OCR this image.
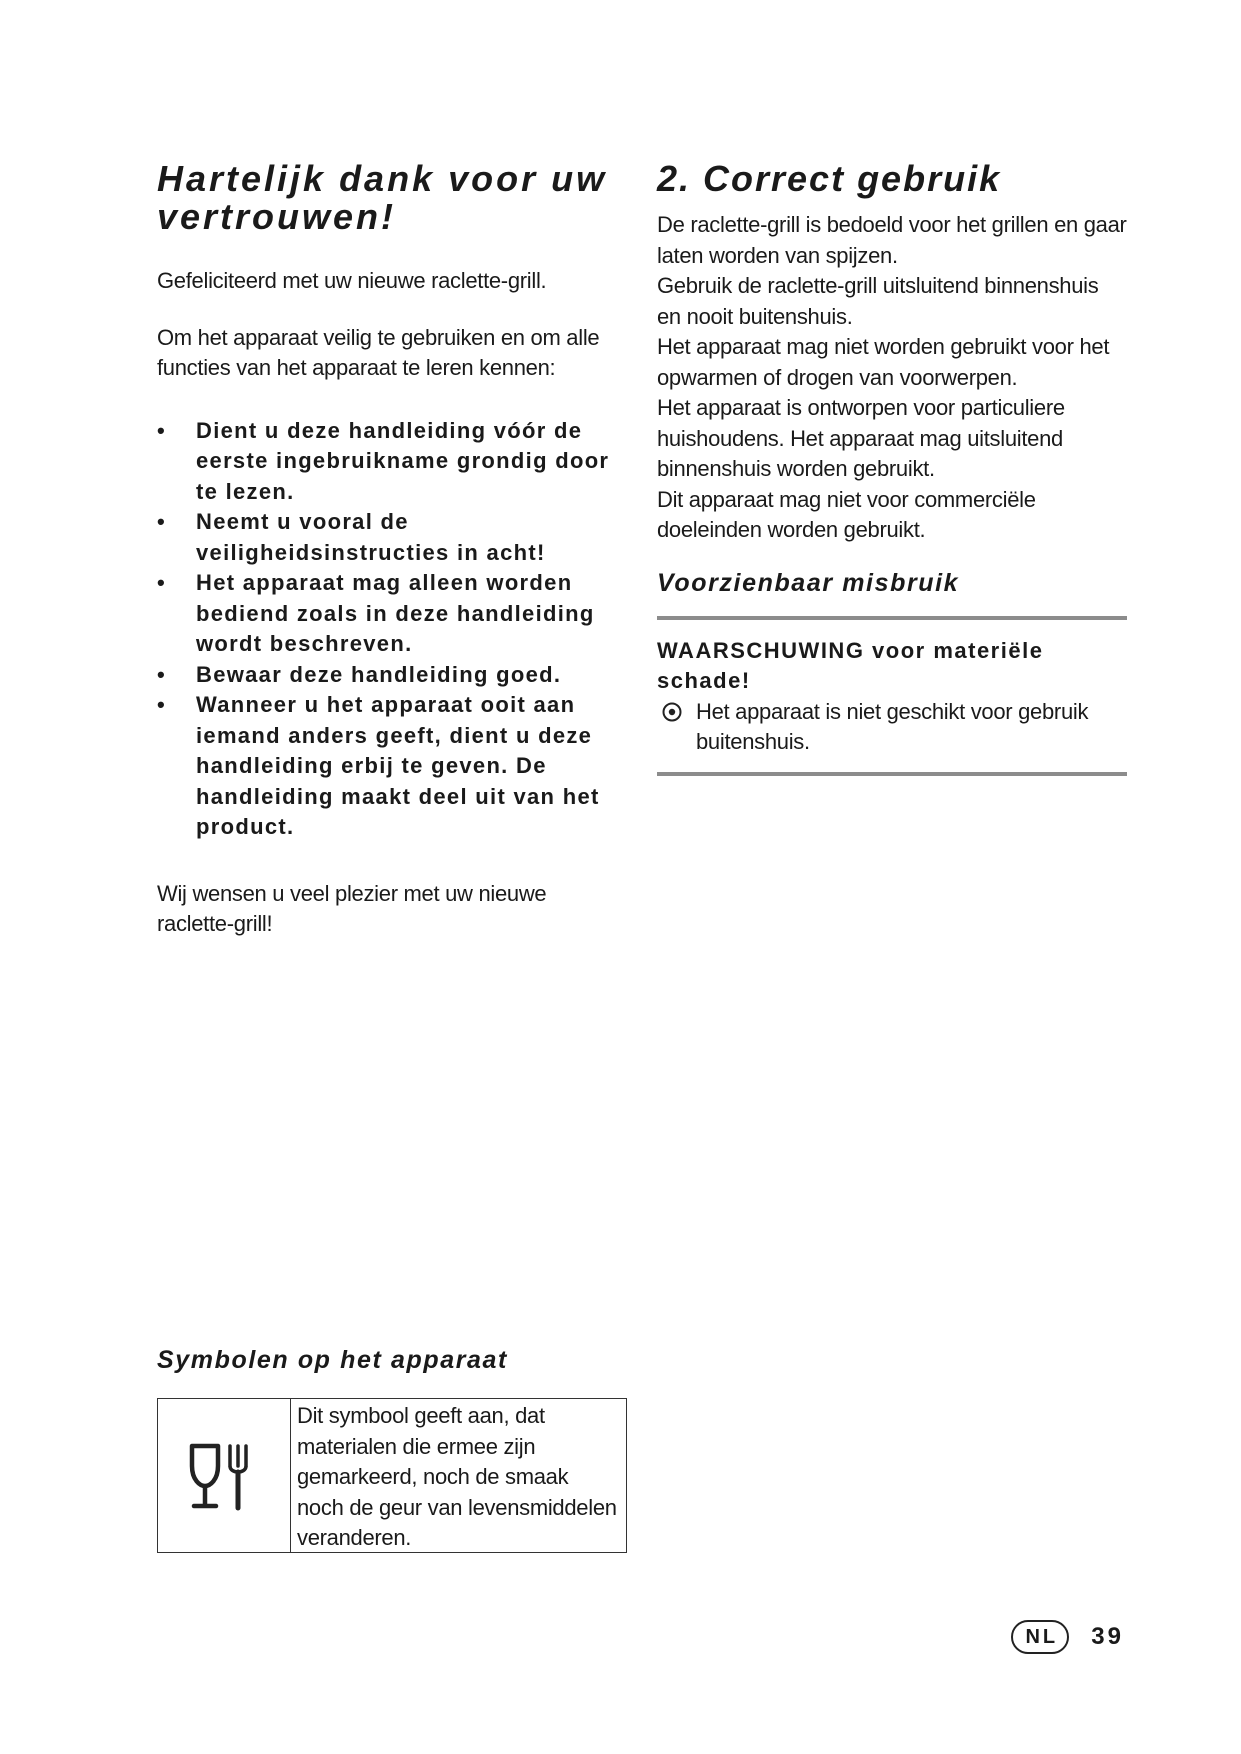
Hartelijk dank voor uw
vertrouwen!

Gefeliciteerd met uw nieuwe raclette-grill.

Om het apparaat veilig te gebruiken en om alle functies van het apparaat te leren kennen:

• Dient u deze handleiding vóór de eerste ingebruikname grondig door te lezen.
• Neemt u vooral de veiligheidsinstructies in acht!
• Het apparaat mag alleen worden bediend zoals in deze handleiding wordt beschreven.
• Bewaar deze handleiding goed.
• Wanneer u het apparaat ooit aan iemand anders geeft, dient u deze handleiding erbij te geven. De handleiding maakt deel uit van het product.

Wij wensen u veel plezier met uw nieuwe raclette-grill!

Symbolen op het apparaat
Dit symbool geeft aan, dat materialen die ermee zijn gemarkeerd, noch de smaak noch de geur van levensmiddelen veranderen.
2. Correct gebruik

De raclette-grill is bedoeld voor het grillen en gaar laten worden van spijzen.

Gebruik de raclette-grill uitsluitend binnenshuis en nooit buitenshuis.

Het apparaat mag niet worden gebruikt voor het opwarmen of drogen van voorwerpen.

Het apparaat is ontworpen voor particuliere huishoudens. Het apparaat mag uitsluitend binnenshuis worden gebruikt.

Dit apparaat mag niet voor commerciële doeleinden worden gebruikt.

Voorzienbaar misbruik

WAARSCHUWING voor materiële schade!

Het apparaat is niet geschikt voor gebruik buitenshuis.
NL	39
